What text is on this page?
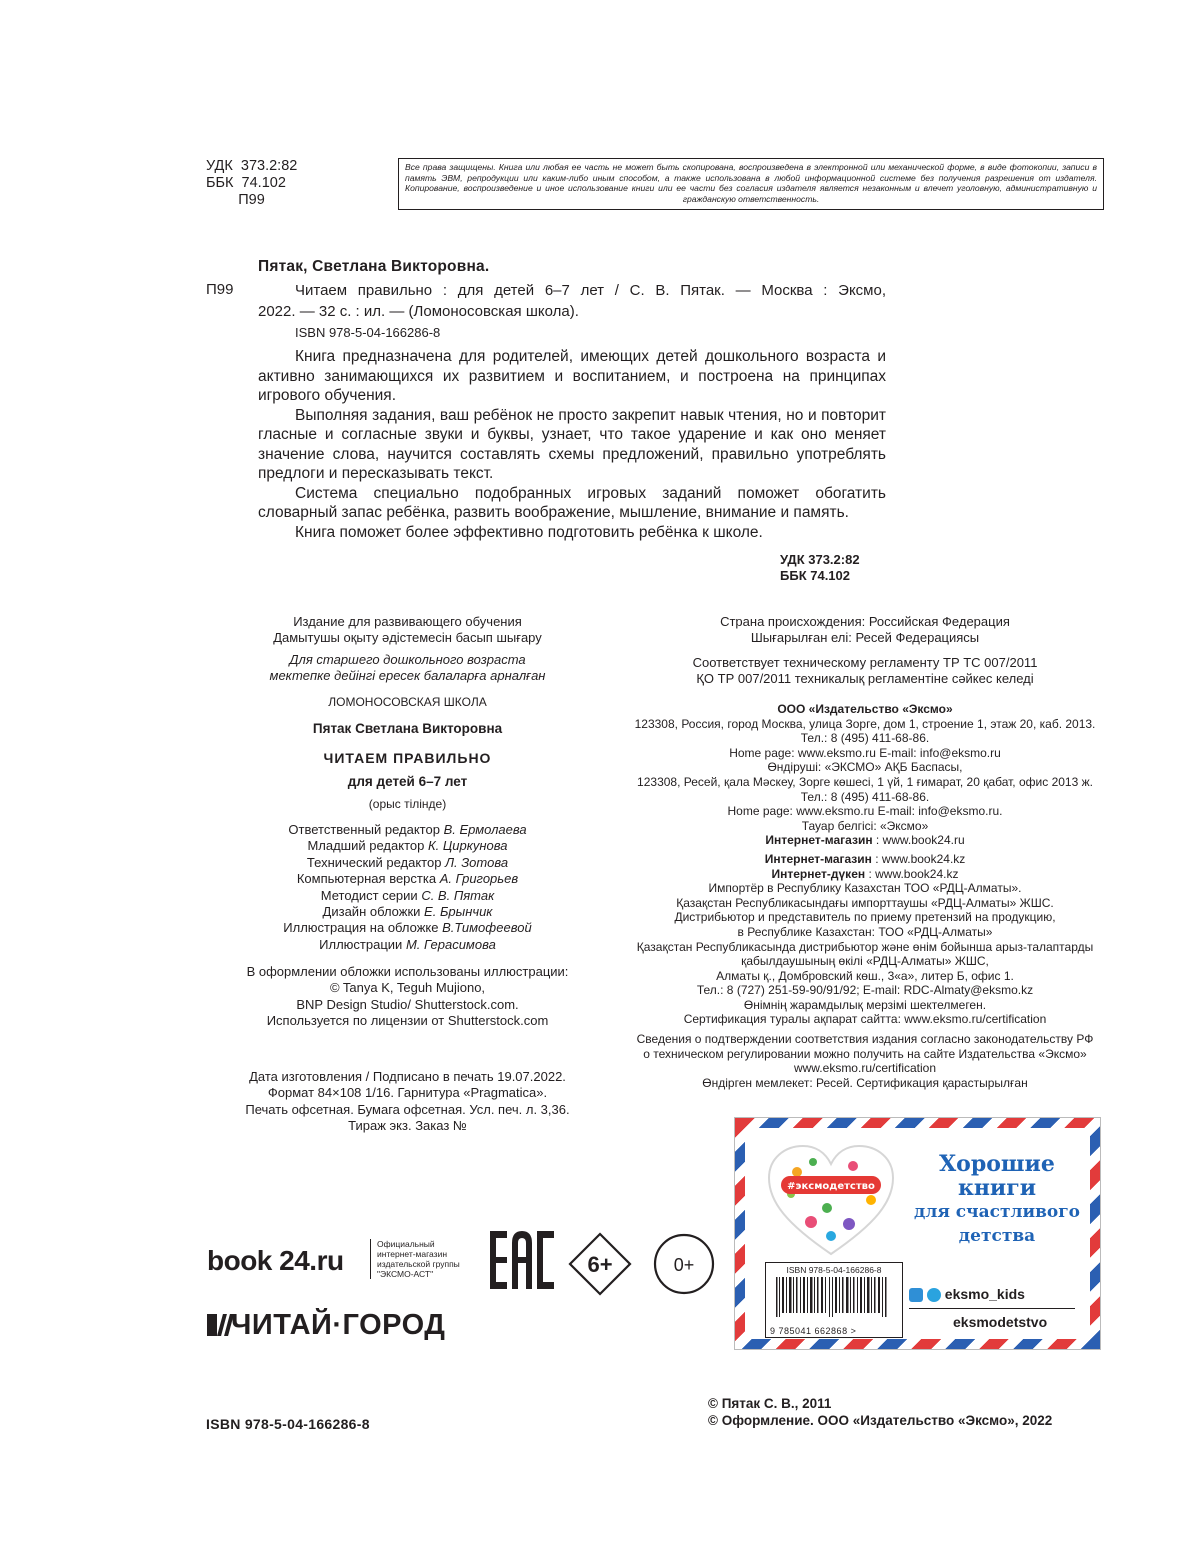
УДК  373.2:82
ББК  74.102
П99
Все права защищены. Книга или любая ее часть не может быть скопирована, воспроизведена в электронной или механической форме, в виде фотокопии, записи в память ЭВМ, репродукции или каким-либо иным способом, а также использована в любой информационной системе без получения разрешения от издателя. Копирование, воспроизведение и иное использование книги или ее части без согласия издателя является незаконным и влечет уголовную, административную и гражданскую ответственность.
Пятак, Светлана Викторовна.
П99	Читаем правильно : для детей 6–7 лет / С. В. Пятак. — Москва : Эксмо,
2022. — 32 с. : ил. — (Ломоносовская школа).
ISBN 978-5-04-166286-8

Книга предназначена для родителей, имеющих детей дошкольного возраста и активно занимающихся их развитием и воспитанием, и построена на принципах игрового обучения.

Выполняя задания, ваш ребёнок не просто закрепит навык чтения, но и повторит гласные и согласные звуки и буквы, узнает, что такое ударение и как оно меняет значение слова, научится составлять схемы предложений, правильно употреблять предлоги и пересказывать текст.

Система специально подобранных игровых заданий поможет обогатить словарный запас ребёнка, развить воображение, мышление, внимание и память.

Книга поможет более эффективно подготовить ребёнка к школе.

УДК 373.2:82
ББК 74.102
Издание для развивающего обучения
Дамытушы оқыту әдістемесін басып шығару
Для старшего дошкольного возраста
мектепке дейінгі ересек балаларға арналған
ЛОМОНОСОВСКАЯ ШКОЛА
Пятак Светлана Викторовна
ЧИТАЕМ ПРАВИЛЬНО
для детей 6–7 лет
(орыс тілінде)
Ответственный редактор В. Ермолаева
Младший редактор К. Циркунова
Технический редактор Л. Зотова
Компьютерная верстка А. Григорьев
Методист серии С. В. Пятак
Дизайн обложки Е. Брынчик
Иллюстрация на обложке В.Тимофеевой
Иллюстрации М. Герасимова
В оформлении обложки использованы иллюстрации:
© Tanya K, Teguh Mujiono,
BNP Design Studio/ Shutterstock.com.
Используется по лицензии от Shutterstock.com
Дата изготовления / Подписано в печать 19.07.2022.
Формат 84×108 1/16. Гарнитура «Pragmatica».
Печать офсетная. Бумага офсетная. Усл. печ. л. 3,36.
Тираж экз. Заказ №
Страна происхождения: Российская Федерация
Шығарылған елі: Ресей Федерациясы
Соответствует техническому регламенту ТР ТС 007/2011
ҚО ТР 007/2011 техникалық регламентіне сәйкес келеді
ООО «Издательство «Эксмо»
123308, Россия, город Москва, улица Зорге, дом 1, строение 1, этаж 20, каб. 2013.
Тел.: 8 (495) 411-68-86.
Home page: www.eksmo.ru E-mail: info@eksmo.ru
Өндіруші: «ЭКСМО» АҚБ Баспасы,
123308, Ресей, қала Мәскеу, Зорге көшесі, 1 үй, 1 ғимарат, 20 қабат, офис 2013 ж.
Тел.: 8 (495) 411-68-86.
Home page: www.eksmo.ru E-mail: info@eksmo.ru.
Тауар белгісі: «Эксмо»
Интернет-магазин : www.book24.ru
Интернет-магазин : www.book24.kz
Интернет-дүкен : www.book24.kz
Импортёр в Республику Казахстан ТОО «РДЦ-Алматы».
Қазақстан Республикасындағы импорттаушы «РДЦ-Алматы» ЖШС.
Дистрибьютор и представитель по приему претензий на продукцию,
в Республике Казахстан: ТОО «РДЦ-Алматы»
Қазақстан Республикасында дистрибьютор және өнім бойынша арыз-талаптарды
қабылдаушының өкілі «РДЦ-Алматы» ЖШС,
Алматы қ., Домбровский көш., 3«а», литер Б, офис 1.
Тел.: 8 (727) 251-59-90/91/92; E-mail: RDC-Almaty@eksmo.kz
Өнімнің жарамдылық мерзімі шектелмеген.
Сертификация туралы ақпарат сайтта: www.eksmo.ru/certification
Сведения о подтверждении соответствия издания согласно законодательству РФ
о техническом регулировании можно получить на сайте Издательства «Эксмо»
www.eksmo.ru/certification
Өндірген мемлекет: Ресей. Сертификация қарастырылған
#эксмодетство
Хорошие
книги
для счастливого
детства
ISBN 978-5-04-166286-8
9 785041 662868 >
eksmo_kids
eksmodetstvo
book 24.ru
Официальный
интернет-магазин
издательской группы
"ЭКСМО-АСТ"
ЧИТАЙ·ГОРОД
6+	0+
© Пятак С. В., 2011
© Оформление. ООО «Издательство «Эксмо», 2022
ISBN 978-5-04-166286-8
